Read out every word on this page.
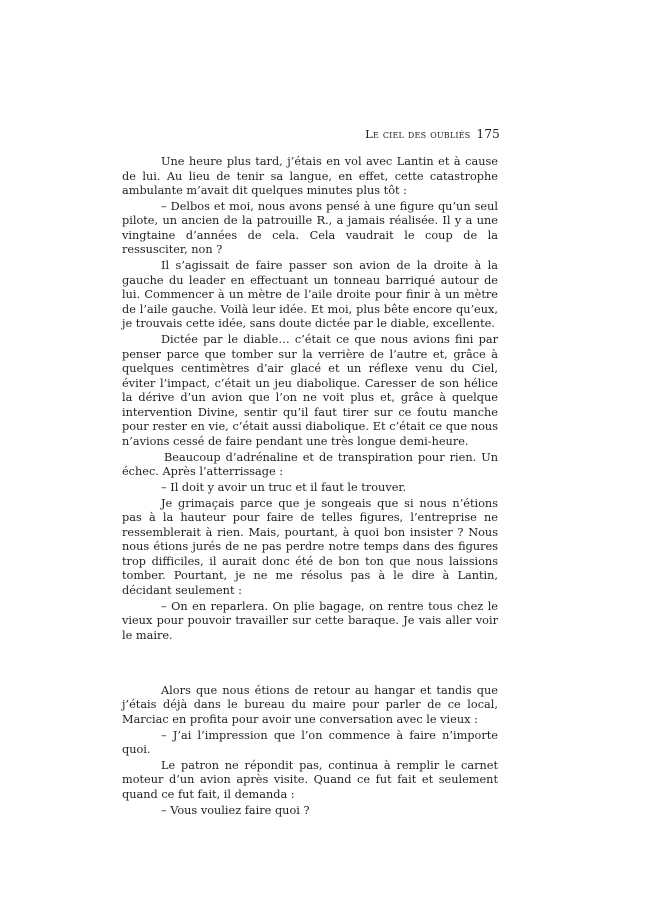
Le ciel des oubliés 175

Une heure plus tard, j’étais en vol avec Lantin et à cause de lui. Au lieu de tenir sa langue, en effet, cette catastrophe ambulante m’avait dit quelques minutes plus tôt :

– Delbos et moi, nous avons pensé à une figure qu’un seul pilote, un ancien de la patrouille R., a jamais réalisée. Il y a une vingtaine d’années de cela. Cela vaudrait le coup de la ressusciter, non ?

Il s’agissait de faire passer son avion de la droite à la gauche du leader en effectuant un tonneau barriqué autour de lui. Commencer à un mètre de l’aile droite pour finir à un mètre de l’aile gauche. Voilà leur idée. Et moi, plus bête encore qu’eux, je trouvais cette idée, sans doute dictée par le diable, excellente.

Dictée par le diable… c’était ce que nous avions fini par penser parce que tomber sur la verrière de l’autre et, grâce à quelques centimètres d’air glacé et un réflexe venu du Ciel, éviter l’impact, c’était un jeu diabolique. Caresser de son hélice la dérive d’un avion que l’on ne voit plus et, grâce à quelque intervention Divine, sentir qu’il faut tirer sur ce foutu manche pour rester en vie, c’était aussi diabolique. Et c’était ce que nous n’avions cessé de faire pendant une très longue demi-heure.

Beaucoup d’adrénaline et de transpiration pour rien. Un échec. Après l’atterrissage :

– Il doit y avoir un truc et il faut le trouver.

Je grimaçais parce que je songeais que si nous n’étions pas à la hauteur pour faire de telles figures, l’entreprise ne ressemblerait à rien. Mais, pourtant, à quoi bon insister ? Nous nous étions jurés de ne pas perdre notre temps dans des figures trop difficiles, il aurait donc été de bon ton que nous laissions tomber. Pourtant, je ne me résolus pas à le dire à Lantin, décidant seulement :

– On en reparlera. On plie bagage, on rentre tous chez le vieux pour pouvoir travailler sur cette baraque. Je vais aller voir le maire.

Alors que nous étions de retour au hangar et tandis que j’étais déjà dans le bureau du maire pour parler de ce local, Marciac en profita pour avoir une conversation avec le vieux :

– J’ai l’impression que l’on commence à faire n’importe quoi.

Le patron ne répondit pas, continua à remplir le carnet moteur d’un avion après visite. Quand ce fut fait et seulement quand ce fut fait, il demanda :

– Vous vouliez faire quoi ?
